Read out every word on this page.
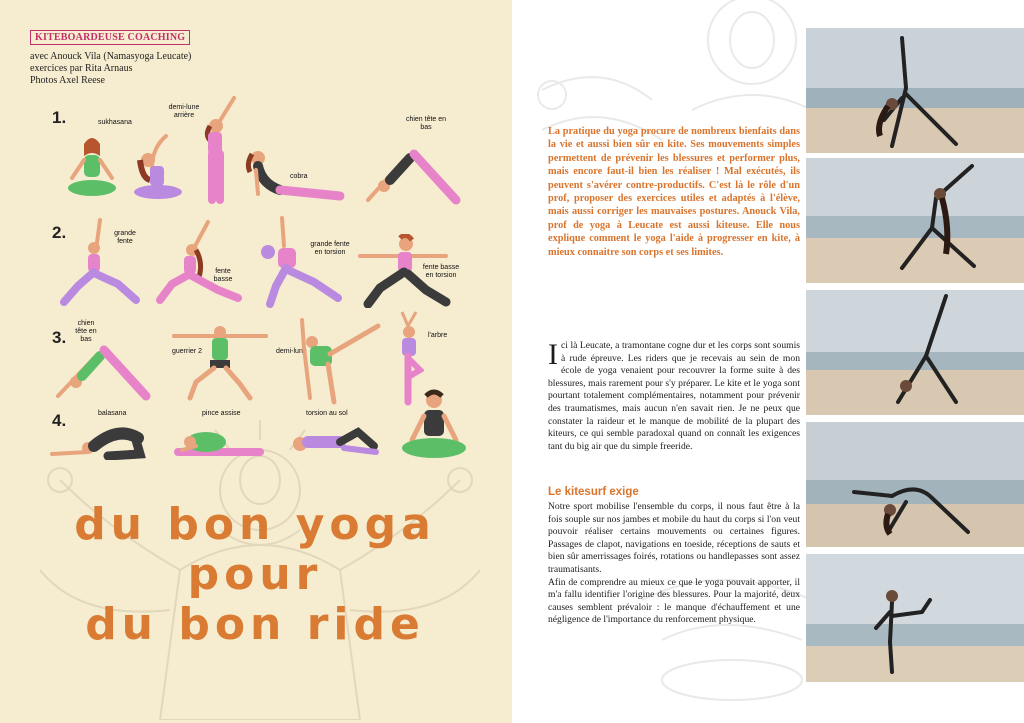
KITEBOARDEUSE COACHING
avec Anouck Vila (Namasyoga Leucate)
exercices par Rita Arnaus
Photos Axel Reese
1.
2.
3.
4.
sukhasana
demi-lune arrière
cobra
chien tête en bas
grande fente
fente basse
grande fente en torsion
fente basse en torsion
chien tête en bas
guerrier 2	demi-lune
l'arbre
balasana	pince assise	torsion au sol
du bon yoga
pour
du bon ride
La pratique du yoga procure de nombreux bienfaits dans la vie et aussi bien sûr en kite. Ses mouvements simples permettent de prévenir les blessures et performer plus, mais encore faut-il bien les réaliser ! Mal exécutés, ils peuvent s'avérer contre-productifs. C'est là le rôle d'un prof, proposer des exercices utiles et adaptés à l'élève, mais aussi corriger les mauvaises postures. Anouck Vila, prof de yoga à Leucate est aussi kiteuse. Elle nous explique comment le yoga l'aide à progresser en kite, à mieux connaitre son corps et ses limites.
Ici là Leucate, a tramontane cogne dur et les corps sont soumis à rude épreuve. Les riders que je recevais au sein de mon école de yoga venaient pour recouvrer la forme suite à des blessures, mais rarement pour s'y préparer. Le kite et le yoga sont pourtant totalement complémentaires, notamment pour prévenir des traumatismes, mais aucun n'en savait rien. Je ne peux que constater la raideur et le manque de mobilité de la plupart des kiteurs, ce qui semble paradoxal quand on connaît les exigences tant du big air que du simple freeride.
Le kitesurf exige
Notre sport mobilise l'ensemble du corps, il nous faut être à la fois souple sur nos jambes et mobile du haut du corps si l'on veut pouvoir réaliser certains mouvements ou certaines figures. Passages de clapot, navigations en toeside, réceptions de sauts et bien sûr amerrissages foirés, rotations ou handlepasses sont assez traumatisants.
Afin de comprendre au mieux ce que le yoga pouvait apporter, il m'a fallu identifier l'origine des blessures. Pour la majorité, deux causes semblent prévaloir : le manque d'échauffement et une négligence de l'importance du renforcement physique.
